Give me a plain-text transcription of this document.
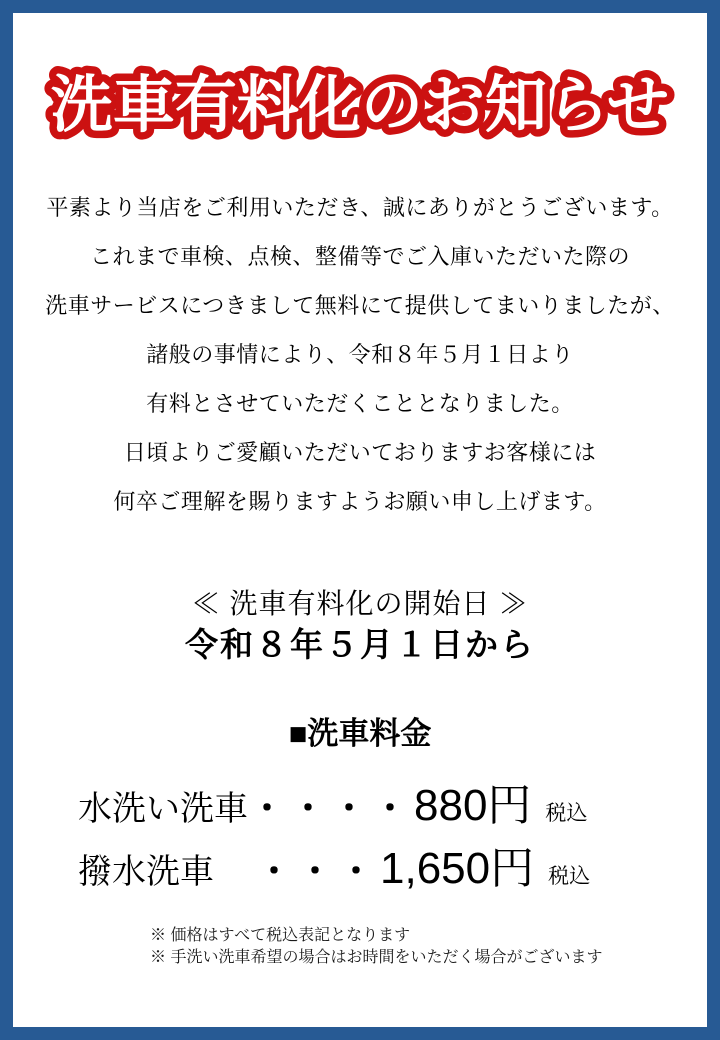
洗車有料化のお知らせ
平素より当店をご利用いただき、誠にありがとうございます。
これまで車検、点検、整備等でご入庫いただいた際の
洗車サービスにつきまして無料にて提供してまいりましたが、
諸般の事情により、令和８年５月１日より
有料とさせていただくこととなりました。
日頃よりご愛顧いただいておりますお客様には
何卒ご理解を賜りますようお願い申し上げます。
≪ 洗車有料化の開始日 ≫
令和８年５月１日から
■洗車料金
水洗い洗車・・・・880円 税込
撥水洗車　・・・1,650円 税込
※ 価格はすべて税込表記となります
※ 手洗い洗車希望の場合はお時間をいただく場合がございます
